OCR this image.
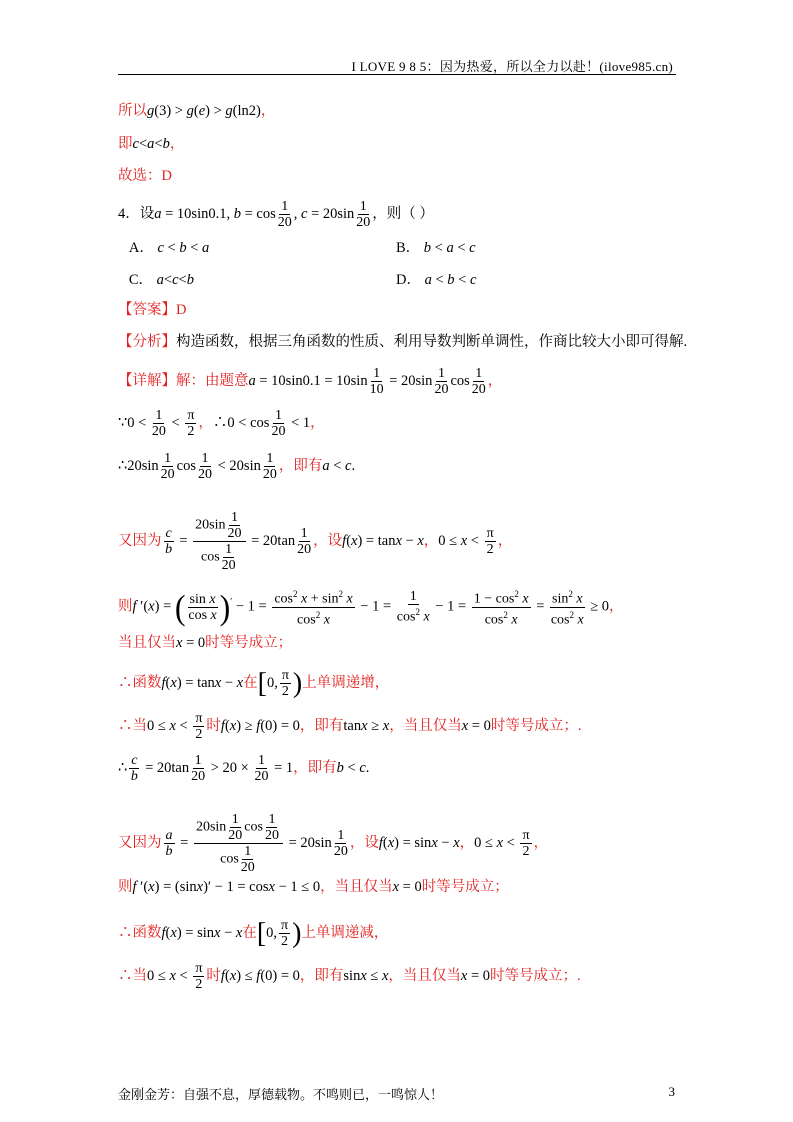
I LOVE 9 8 5：因为热爱，所以全力以赴！(ilove985.cn)
所以g(3) > g(e) > g(ln2)，
即c<a<b，
故选：D
4．设a = 10sin0.1, $b = \cos \frac{1}{20}$ , $c = 20\sin \frac{1}{20}$ ，则（ ）
A． c < b < a	B． b < a < c
C． a<c<b	D． a < b < c
【答案】D
【分析】构造函数，根据三角函数的性质、利用导数判断单调性，作商比较大小即可得解.
【详解】解：由题意$a = 10\sin 0.1 = 10\sin \frac{1}{10} = 20\sin \frac{1}{20}$ $\cos \frac{1}{20}$ ，
∵0 < $\frac{1}{20} < \frac{\pi}{2}$ ，∴0 < $\cos \frac{1}{20} < 1$，
∴20sin $\frac{1}{20}$ $\cos \frac{1}{20} < 20\sin \frac{1}{20}$ ，即有a < c.
又因为 $\frac{c}{b} = \frac{20\sin \frac{1}{20}}{\cos \frac{1}{20}} = 20\tan \frac{1}{20}$ ，设f(x) = tanx − x，$0 \le x < \frac{\pi}{2}$ ，
则f ′(x) = ( $\frac{\text{sin x}}{\text{cos x}} )' - 1 = \frac{\cos^2 x + \sin^2 x}{\cos^2 x} - 1 = \frac{1}{\cos^2 x} - 1 = \frac{1 - \cos^2 x}{\cos^2 x} = \frac{\sin^2 x}{\cos^2 x} \ge 0$，
当且仅当x = 0时等号成立；
∴函数f(x) = tanx − x在[0, $\frac{\pi}{2}$ )上单调递增，
∴当$0 \le x < \frac{\pi}{2}$ 时f(x) ≥ f(0) = 0，即有tanx ≥ x，当且仅当x = 0时等号成立；.
∴ $\frac{c}{b} = 20\tan \frac{1}{20} > 20 \times \frac{1}{20} = 1$，即有b < c.
又因为 $\frac{a}{b} = \frac{20\sin \frac{1}{20} \cos \frac{1}{20}}{\cos \frac{1}{20}} = 20\sin \frac{1}{20}$ ，设f(x) = sinx − x，$0 \le x < \frac{\pi}{2}$ ，
则f ′(x) = (sinx)′ − 1 = cosx − 1 ≤ 0，当且仅当x = 0时等号成立；
∴函数f(x) = sinx − x在[0, $\frac{\pi}{2}$ )上单调递减，
∴当$0 \le x < \frac{\pi}{2}$ 时f(x) ≤ f(0) = 0，即有sinx ≤ x，当且仅当x = 0时等号成立；.
金刚金芳：自强不息，厚德载物。不鸣则已，一鸣惊人！	3
